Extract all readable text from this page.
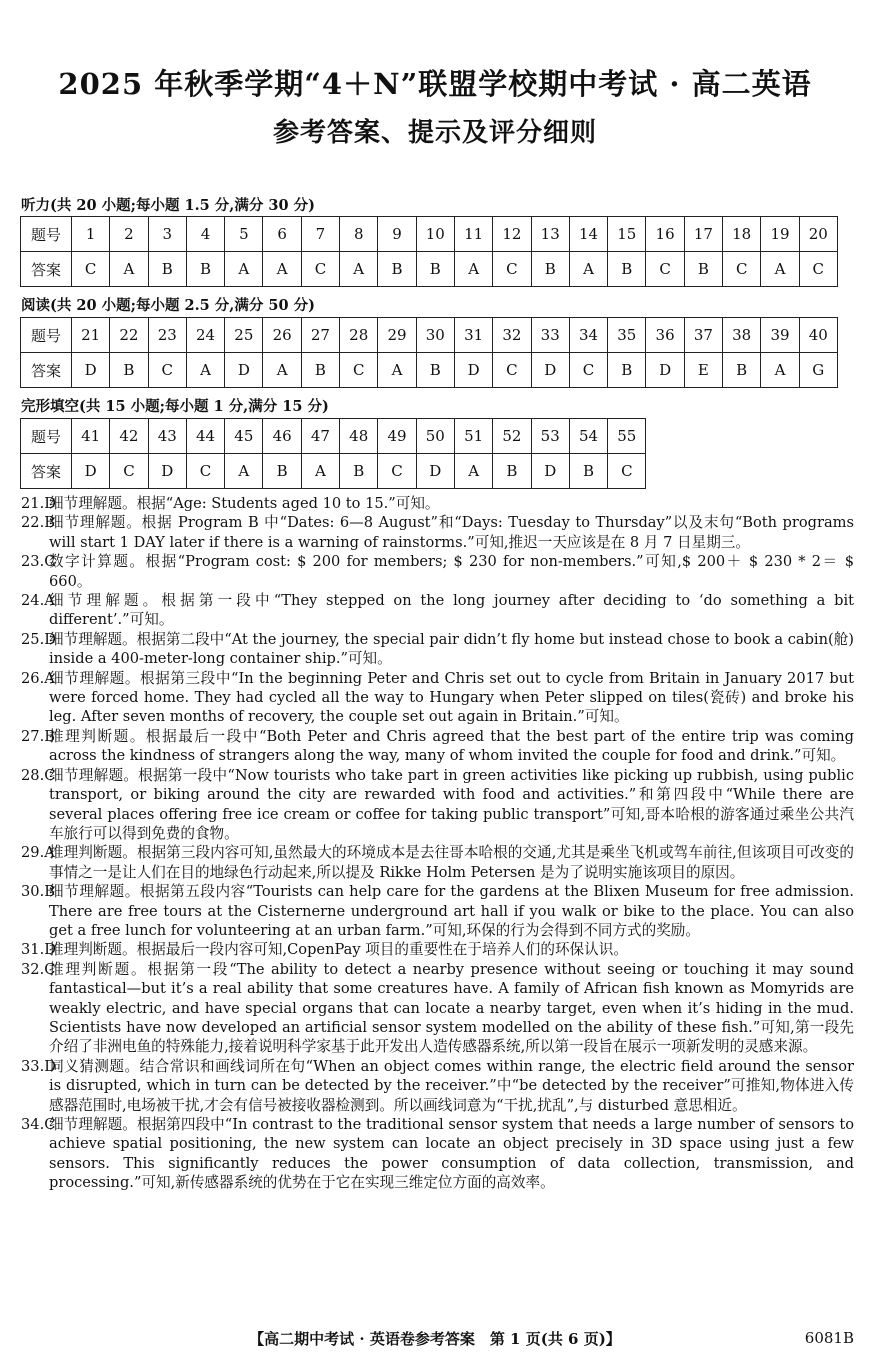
2025 年秋季学期“4＋N”联盟学校期中考试 · 高二英语
参考答案、提示及评分细则
听力(共 20 小题;每小题 1.5 分,满分 30 分)
题号	1	2	3	4	5	6	7	8	9	10	11	12	13	14	15	16	17	18	19	20
答案	C	A	B	B	A	A	C	A	B	B	A	C	B	A	B	C	B	C	A	C
阅读(共 20 小题;每小题 2.5 分,满分 50 分)
题号	21	22	23	24	25	26	27	28	29	30	31	32	33	34	35	36	37	38	39	40
答案	D	B	C	A	D	A	B	C	A	B	D	C	D	C	B	D	E	B	A	G
完形填空(共 15 小题;每小题 1 分,满分 15 分)
题号	41	42	43	44	45	46	47	48	49	50	51	52	53	54	55
答案	D	C	D	C	A	B	A	B	C	D	A	B	D	B	C
21.D
细节理解题。根据“Age: Students aged 10 to 15.”可知。
22.B
细节理解题。根据 Program B 中“Dates: 6—8 August”和“Days: Tuesday to Thursday”以及末句“Both programs will start 1 DAY later if there is a warning of rainstorms.”可知,推迟一天应该是在 8 月 7 日星期三。
23.C
数字计算题。根据“Program cost: $ 200 for members; $ 230 for non-members.”可知,$ 200＋ $ 230 * 2＝ $ 660。
24.A
细节理解题。根据第一段中“They stepped on the long journey after deciding to ‘do something a bit different’.”可知。
25.D
细节理解题。根据第二段中“At the journey, the special pair didn’t fly home but instead chose to book a cabin(舱) inside a 400-meter-long container ship.”可知。
26.A
细节理解题。根据第三段中“In the beginning Peter and Chris set out to cycle from Britain in January 2017 but were forced home. They had cycled all the way to Hungary when Peter slipped on tiles(瓷砖) and broke his leg. After seven months of recovery, the couple set out again in Britain.”可知。
27.B
推理判断题。根据最后一段中“Both Peter and Chris agreed that the best part of the entire trip was coming across the kindness of strangers along the way, many of whom invited the couple for food and drink.”可知。
28.C
细节理解题。根据第一段中“Now tourists who take part in green activities like picking up rubbish, using public transport, or biking around the city are rewarded with food and activities.”和第四段中“While there are several places offering free ice cream or coffee for taking public transport”可知,哥本哈根的游客通过乘坐公共汽车旅行可以得到免费的食物。
29.A
推理判断题。根据第三段内容可知,虽然最大的环境成本是去往哥本哈根的交通,尤其是乘坐飞机或驾车前往,但该项目可改变的事情之一是让人们在目的地绿色行动起来,所以提及 Rikke Holm Petersen 是为了说明实施该项目的原因。
30.B
细节理解题。根据第五段内容“Tourists can help care for the gardens at the Blixen Museum for free admission. There are free tours at the Cisternerne underground art hall if you walk or bike to the place. You can also get a free lunch for volunteering at an urban farm.”可知,环保的行为会得到不同方式的奖励。
31.D
推理判断题。根据最后一段内容可知,CopenPay 项目的重要性在于培养人们的环保认识。
32.C
推理判断题。根据第一段“The ability to detect a nearby presence without seeing or touching it may sound fantastical—but it’s a real ability that some creatures have. A family of African fish known as Momyrids are weakly electric, and have special organs that can locate a nearby target, even when it’s hiding in the mud. Scientists have now developed an artificial sensor system modelled on the ability of these fish.”可知,第一段先介绍了非洲电鱼的特殊能力,接着说明科学家基于此开发出人造传感器系统,所以第一段旨在展示一项新发明的灵感来源。
33.D
词义猜测题。结合常识和画线词所在句“When an object comes within range, the electric field around the sensor is disrupted, which in turn can be detected by the receiver.”中“be detected by the receiver”可推知,物体进入传感器范围时,电场被干扰,才会有信号被接收器检测到。所以画线词意为“干扰,扰乱”,与 disturbed 意思相近。
34.C
细节理解题。根据第四段中“In contrast to the traditional sensor system that needs a large number of sensors to achieve spatial positioning, the new system can locate an object precisely in 3D space using just a few sensors. This significantly reduces the power consumption of data collection, transmission, and processing.”可知,新传感器系统的优势在于它在实现三维定位方面的高效率。
【高二期中考试 · 英语卷参考答案　第 1 页(共 6 页)】	6081B
